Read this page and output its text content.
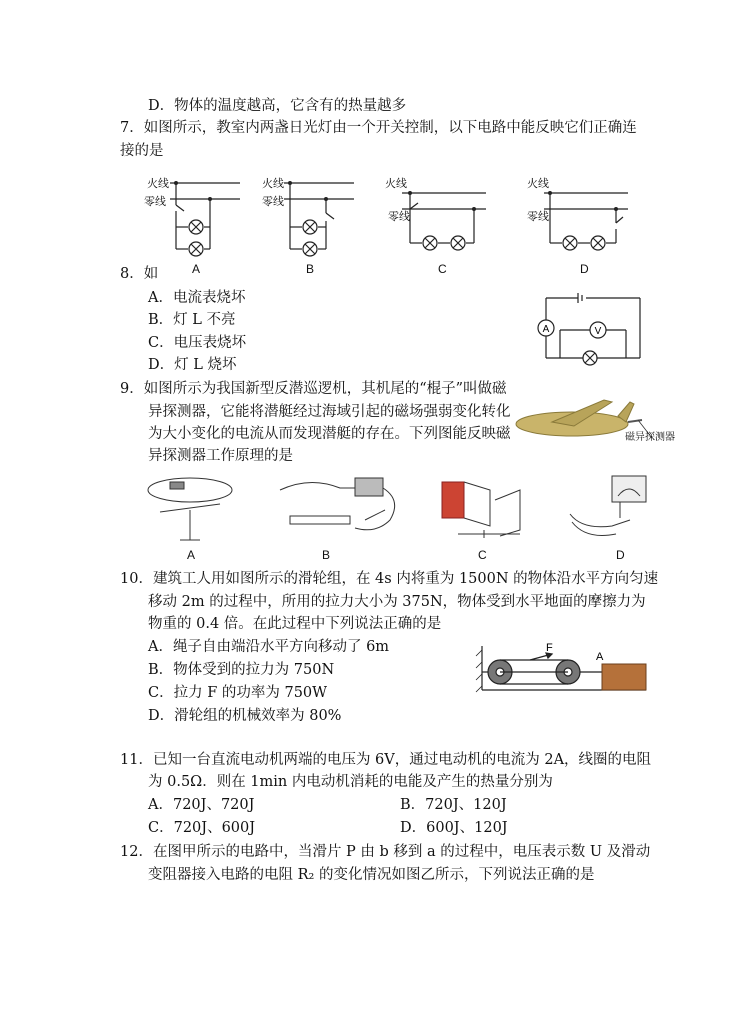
D．物体的温度越高，它含有的热量越多
7．如图所示，教室内两盏日光灯由一个开关控制，以下电路中能反映它们正确连
接的是
火线
零线
火线
零线
火线
零线
火线
零线
A	B	C	D
8．如
A．电流表烧坏
B．灯 L 不亮
C．电压表烧坏
D．灯 L 烧坏
A	V
9．如图所示为我国新型反潜巡逻机，其机尾的“棍子”叫做磁
异探测器，它能将潜艇经过海域引起的磁场强弱变化转化
为大小变化的电流从而发现潜艇的存在。下列图能反映磁
异探测器工作原理的是
磁异探测器
A	B	C	D
10．建筑工人用如图所示的滑轮组，在 4s 内将重为 1500N 的物体沿水平方向匀速
移动 2m 的过程中，所用的拉力大小为 375N，物体受到水平地面的摩擦力为
物重的 0.4 倍。在此过程中下列说法正确的是
A．绳子自由端沿水平方向移动了 6m
B．物体受到的拉力为 750N
C．拉力 F 的功率为 750W
D．滑轮组的机械效率为 80%
F
A
11．已知一台直流电动机两端的电压为 6V，通过电动机的电流为 2A，线圈的电阻
为 0.5Ω．则在 1min 内电动机消耗的电能及产生的热量分别为
A．720J、720J	B．720J、120J
C．720J、600J	D．600J、120J
12．在图甲所示的电路中，当滑片 P 由 b 移到 a 的过程中，电压表示数 U 及滑动
变阻器接入电路的电阻 R₂ 的变化情况如图乙所示，下列说法正确的是
